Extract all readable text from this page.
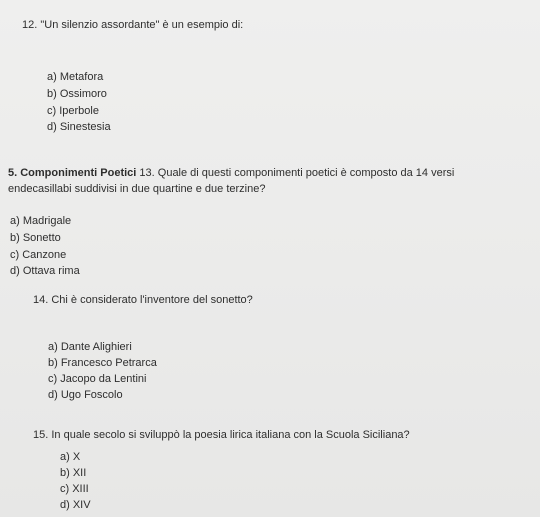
12. "Un silenzio assordante" è un esempio di:
a) Metafora
b) Ossimoro
c) Iperbole
d) Sinestesia
5. Componimenti Poetici 13. Quale di questi componimenti poetici è composto da 14 versi
endecasillabi suddivisi in due quartine e due terzine?
a) Madrigale
b) Sonetto
c) Canzone
d) Ottava rima
14. Chi è considerato l'inventore del sonetto?
a) Dante Alighieri
b) Francesco Petrarca
c) Jacopo da Lentini
d) Ugo Foscolo
15. In quale secolo si sviluppò la poesia lirica italiana con la Scuola Siciliana?
a) X
b) XII
c) XIII
d) XIV
